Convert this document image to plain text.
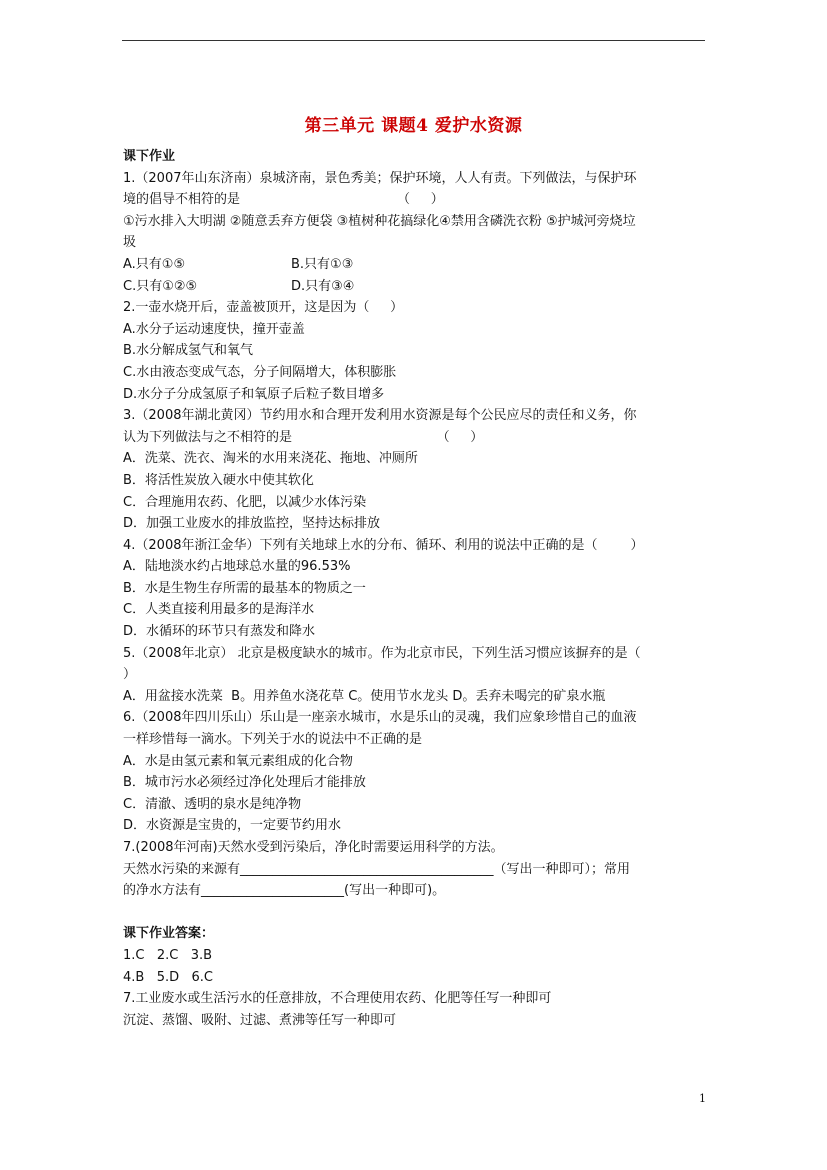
第三单元 课题4 爱护水资源
课下作业
1.（2007年山东济南）泉城济南，景色秀美；保护环境，人人有责。下列做法，与保护环
境的倡导不相符的是                                      （     ）
①污水排入大明湖 ②随意丢弃方便袋 ③植树种花搞绿化④禁用含磷洗衣粉 ⑤护城河旁烧垃
圾
A.只有①⑤	B.只有①③
C.只有①②⑤	D.只有③④
2.一壶水烧开后，壶盖被顶开，这是因为（     ）
A.水分子运动速度快，撞开壶盖
B.水分解成氢气和氧气
C.水由液态变成气态，分子间隔增大，体积膨胀
D.水分子分成氢原子和氧原子后粒子数目增多
3.（2008年湖北黄冈）节约用水和合理开发利用水资源是每个公民应尽的责任和义务，你
认为下列做法与之不相符的是                                   （     ）
A．洗菜、洗衣、淘米的水用来浇花、拖地、冲厕所
B．将活性炭放入硬水中使其软化
C．合理施用农药、化肥，以减少水体污染
D．加强工业废水的排放监控，坚持达标排放
4.（2008年浙江金华）下列有关地球上水的分布、循环、利用的说法中正确的是（        ）
A．陆地淡水约占地球总水量的96.53%
B．水是生物生存所需的最基本的物质之一
C．人类直接利用最多的是海洋水
D．水循环的环节只有蒸发和降水
5.（2008年北京） 北京是极度缺水的城市。作为北京市民，下列生活习惯应该摒弃的是（
）
A．用盆接水洗菜  B。用养鱼水浇花草 C。使用节水龙头 D。丢弃未喝完的矿泉水瓶
6.（2008年四川乐山）乐山是一座亲水城市，水是乐山的灵魂，我们应象珍惜自己的血液
一样珍惜每一滴水。下列关于水的说法中不正确的是
A．水是由氢元素和氧元素组成的化合物
B．城市污水必须经过净化处理后才能排放
C．清澈、透明的泉水是纯净物
D．水资源是宝贵的，一定要节约用水
7.(2008年河南)天然水受到污染后，净化时需要运用科学的方法。
天然水污染的来源有_______________________________________（写出一种即可）；常用
的净水方法有______________________(写出一种即可)。
课下作业答案：
1.C   2.C   3.B
4.B   5.D   6.C
7.工业废水或生活污水的任意排放，不合理使用农药、化肥等任写一种即可
沉淀、蒸馏、吸附、过滤、煮沸等任写一种即可
1
